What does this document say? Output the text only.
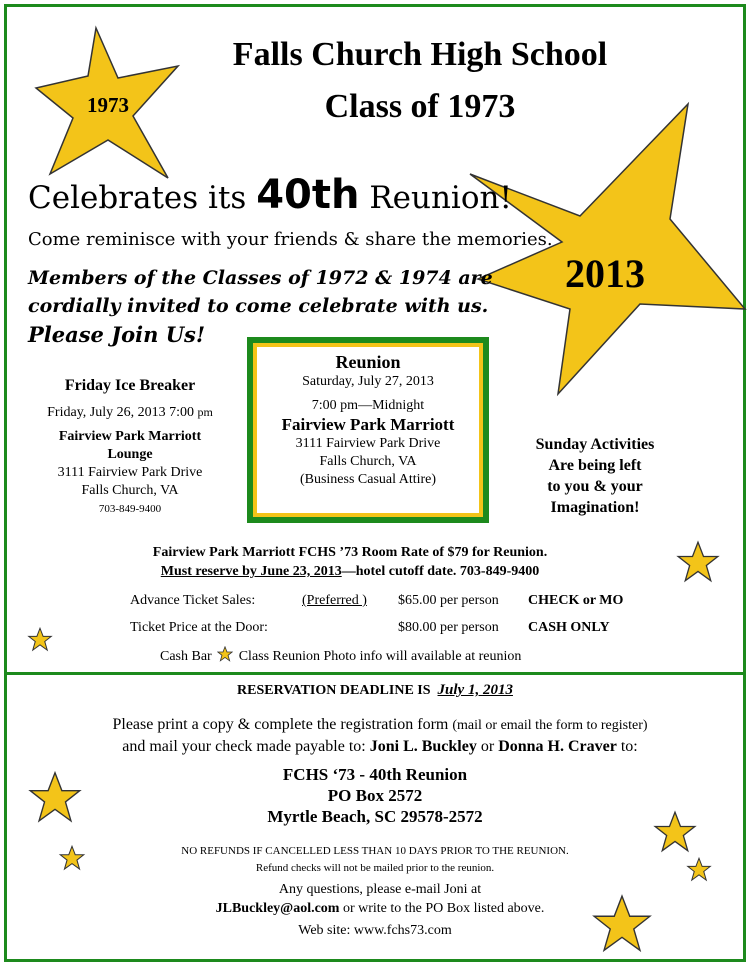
1973
2013
Falls Church High School
Class of 1973
Celebrates its 40th Reunion!
Come reminisce with your friends & share the memories.
Members of the Classes of 1972 & 1974 are
cordially invited to come celebrate with us.
Please Join Us!
Friday Ice Breaker
Friday, July 26, 2013 7:00 pm
Fairview Park Marriott
Lounge
3111 Fairview Park Drive
Falls Church, VA
703-849-9400
Reunion
Saturday, July 27, 2013
7:00 pm—Midnight
Fairview Park Marriott
3111 Fairview Park Drive
Falls Church, VA
(Business Casual Attire)
Sunday Activities
Are being left
to you & your
Imagination!
Fairview Park Marriott FCHS ’73 Room Rate of $79 for Reunion.
Must reserve by June 23, 2013—hotel cutoff date. 703-849-9400
Advance Ticket Sales:	(Preferred ) $65.00 per person CHECK or MO
Ticket Price at the Door:	$80.00 per person CASH ONLY
Cash Bar Class Reunion Photo info will available at reunion
RESERVATION DEADLINE IS July 1, 2013
Please print a copy & complete the registration form (mail or email the form to register)
and mail your check made payable to: Joni L. Buckley or Donna H. Craver to:
FCHS ‘73 - 40th Reunion
PO Box 2572
Myrtle Beach, SC 29578-2572
NO REFUNDS IF CANCELLED LESS THAN 10 DAYS PRIOR TO THE REUNION.
Refund checks will not be mailed prior to the reunion.
Any questions, please e-mail Joni at
JLBuckley@aol.com or write to the PO Box listed above.
Web site: www.fchs73.com
